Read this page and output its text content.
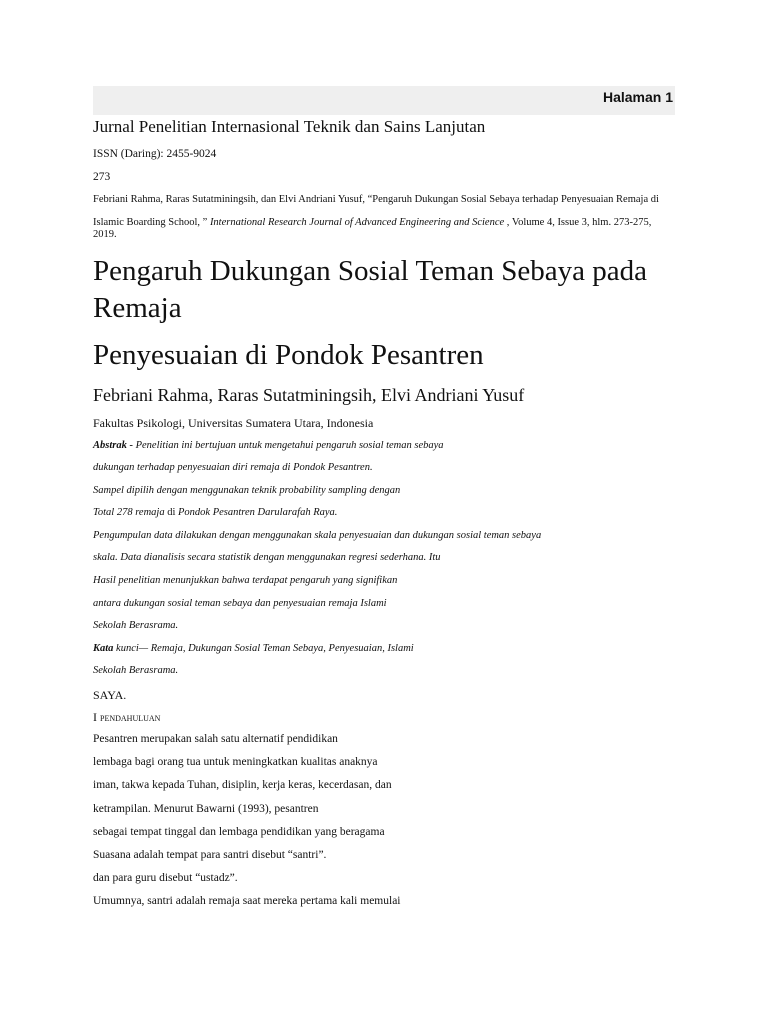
Halaman 1

Jurnal Penelitian Internasional Teknik dan Sains Lanjutan

ISSN (Daring): 2455-9024

273

Febriani Rahma, Raras Sutatminingsih, dan Elvi Andriani Yusuf, “Pengaruh Dukungan Sosial Sebaya terhadap Penyesuaian Remaja di

Islamic Boarding School, ” International Research Journal of Advanced Engineering and Science , Volume 4, Issue 3, hlm. 273-275, 2019.

Pengaruh Dukungan Sosial Teman Sebaya pada Remaja
Penyesuaian di Pondok Pesantren

Febriani Rahma, Raras Sutatminingsih, Elvi Andriani Yusuf

Fakultas Psikologi, Universitas Sumatera Utara, Indonesia

Abstrak - Penelitian ini bertujuan untuk mengetahui pengaruh sosial teman sebaya

dukungan terhadap penyesuaian diri remaja di Pondok Pesantren.

Sampel dipilih dengan menggunakan teknik probability sampling dengan

Total 278 remaja di Pondok Pesantren Darularafah Raya.

Pengumpulan data dilakukan dengan menggunakan skala penyesuaian dan dukungan sosial teman sebaya

skala. Data dianalisis secara statistik dengan menggunakan regresi sederhana. Itu

Hasil penelitian menunjukkan bahwa terdapat pengaruh yang signifikan

antara dukungan sosial teman sebaya dan penyesuaian remaja Islami

Sekolah Berasrama.

Kata kunci— Remaja, Dukungan Sosial Teman Sebaya, Penyesuaian, Islami

Sekolah Berasrama.

SAYA.

I pendahuluan

Pesantren merupakan salah satu alternatif pendidikan

lembaga bagi orang tua untuk meningkatkan kualitas anaknya

iman, takwa kepada Tuhan, disiplin, kerja keras, kecerdasan, dan

ketrampilan. Menurut Bawarni (1993), pesantren

sebagai tempat tinggal dan lembaga pendidikan yang beragama

Suasana adalah tempat para santri disebut “santri”.

dan para guru disebut “ustadz”.

Umumnya, santri adalah remaja saat mereka pertama kali memulai
